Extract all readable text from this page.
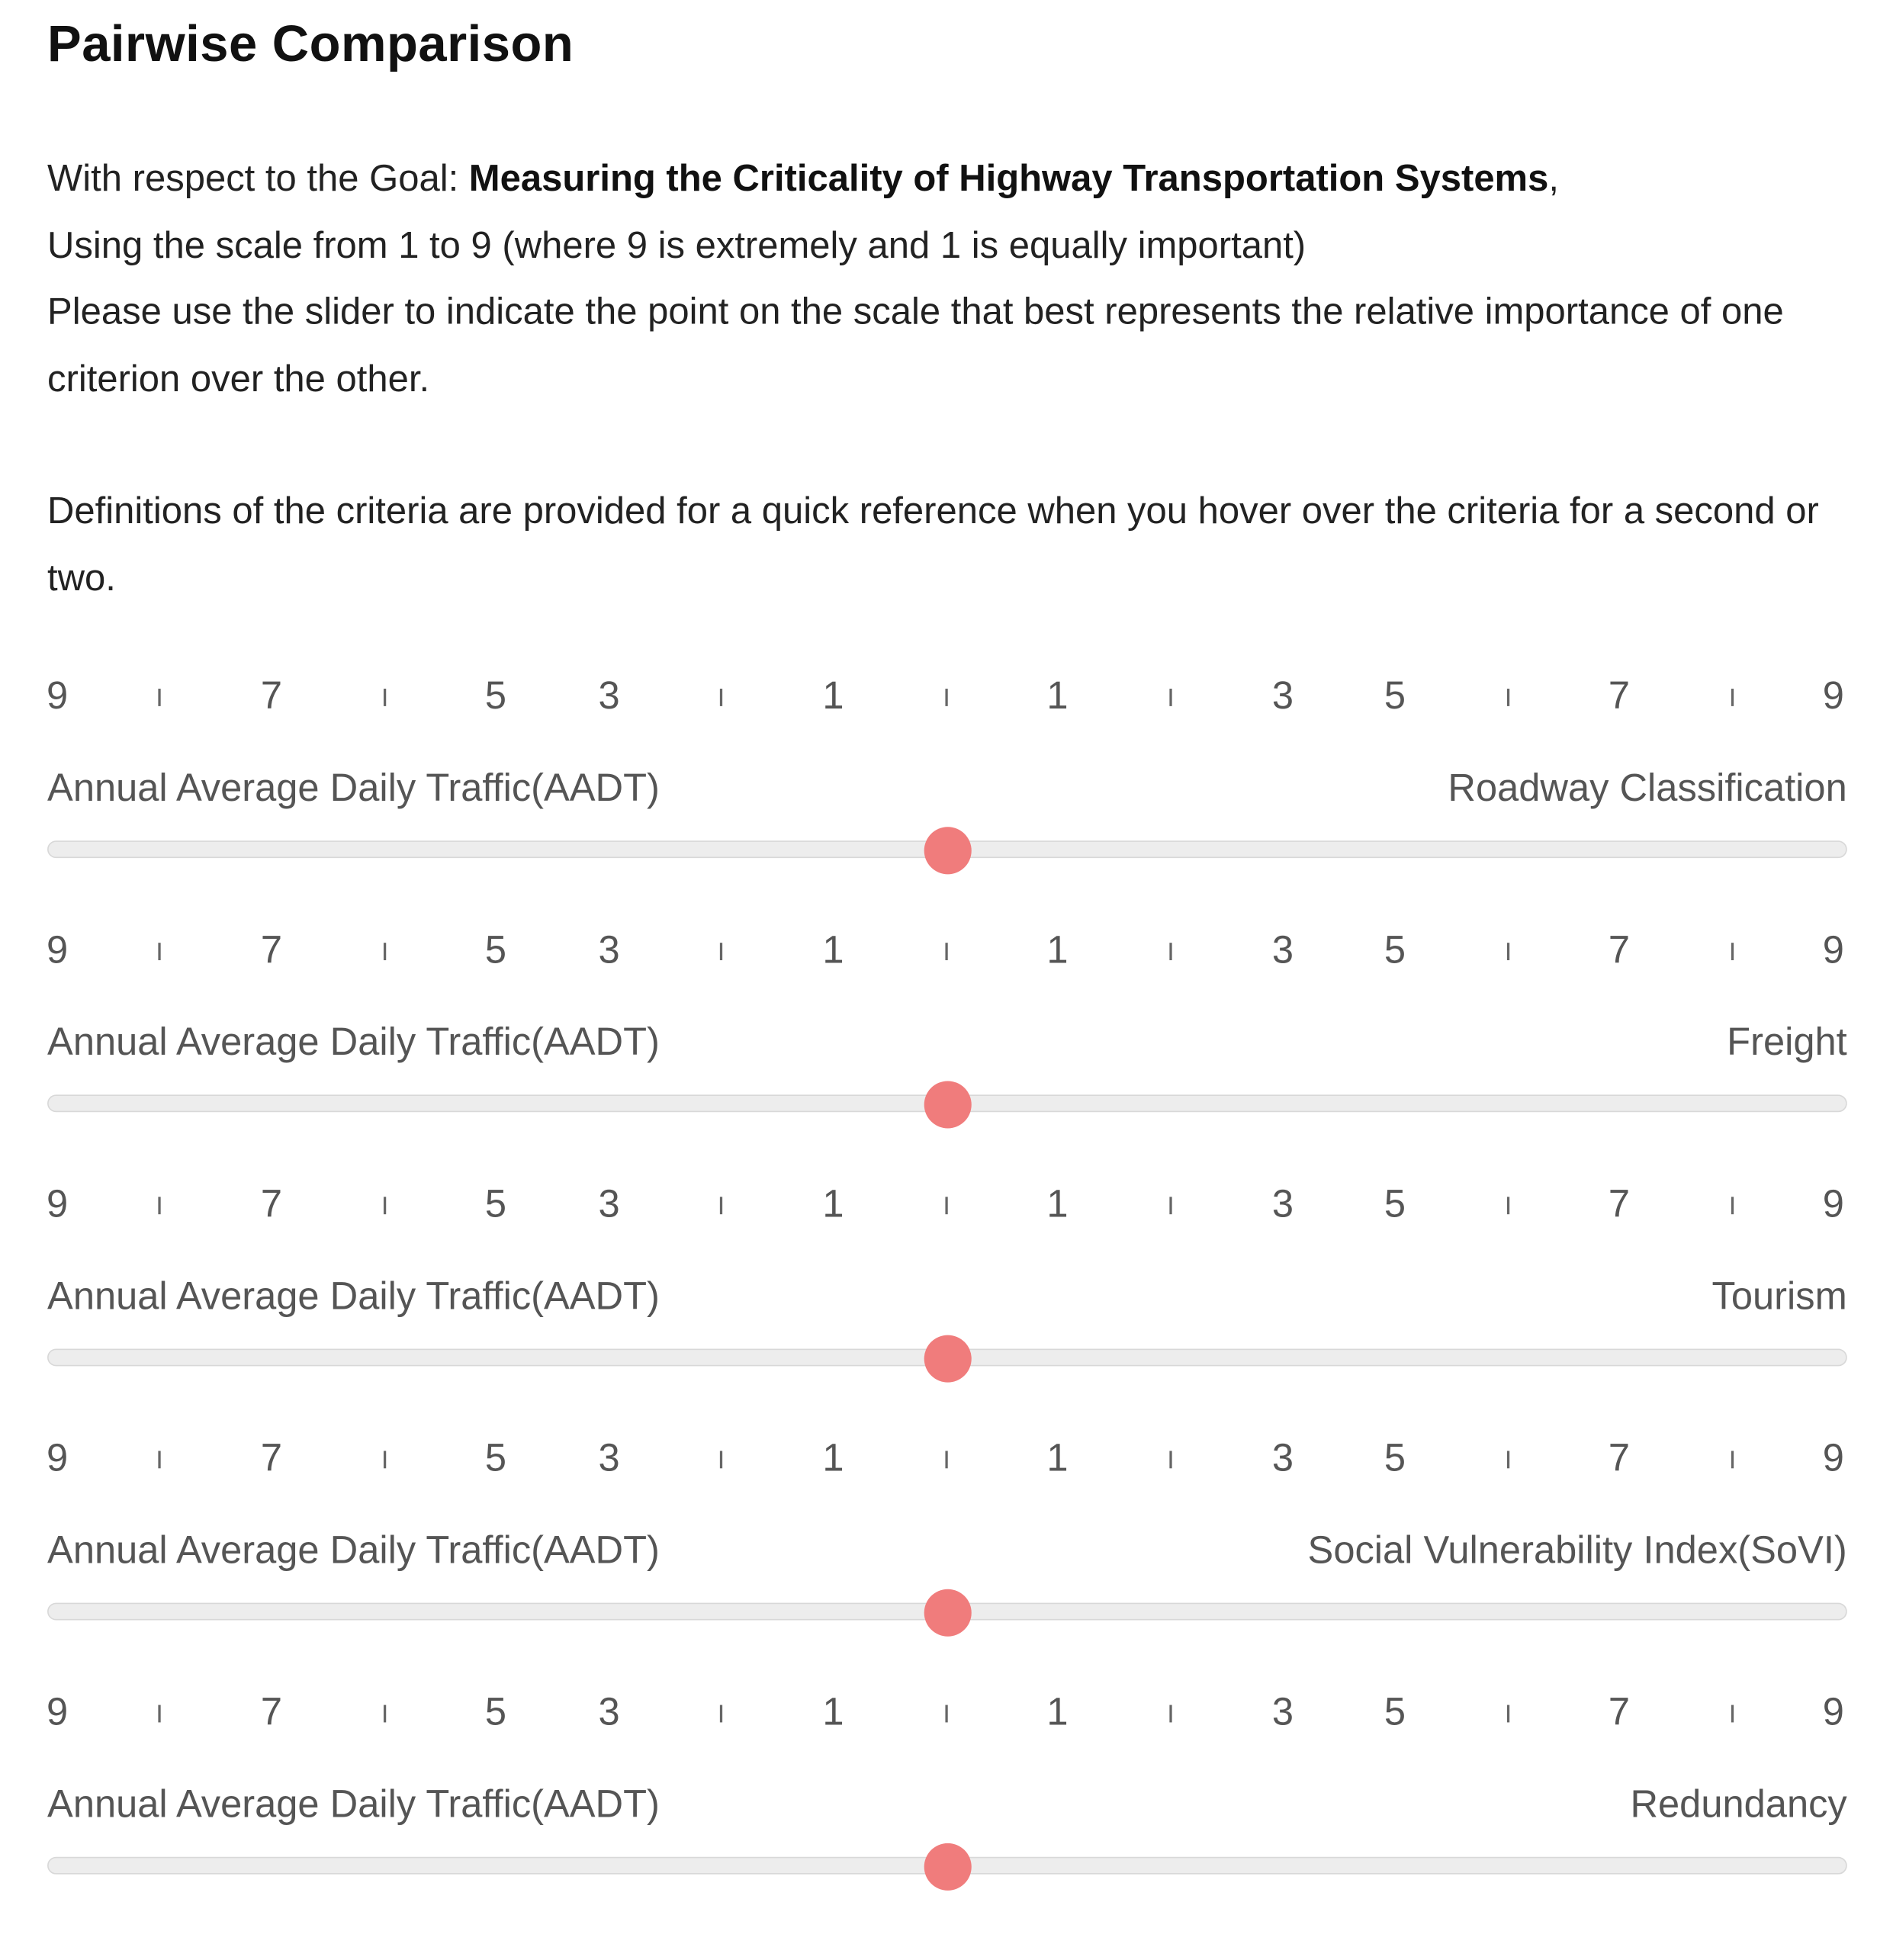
Pairwise Comparison

With respect to the Goal: Measuring the Criticality of Highway Transportation Systems,

Using the scale from 1 to 9 (where 9 is extremely and 1 is equally important)

Please use the slider to indicate the point on the scale that best represents the relative importance of one criterion over the other.

Definitions of the criteria are provided for a quick reference when you hover over the criteria for a second or two.

9	7	5	3	1	1	3	5	7	9
Annual Average Daily Traffic(AADT)	Roadway Classification
9	7	5	3	1	1	3	5	7	9
Annual Average Daily Traffic(AADT)	Freight
9	7	5	3	1	1	3	5	7	9
Annual Average Daily Traffic(AADT)	Tourism
9	7	5	3	1	1	3	5	7	9
Annual Average Daily Traffic(AADT)	Social Vulnerability Index(SoVI)
9	7	5	3	1	1	3	5	7	9
Annual Average Daily Traffic(AADT)	Redundancy
